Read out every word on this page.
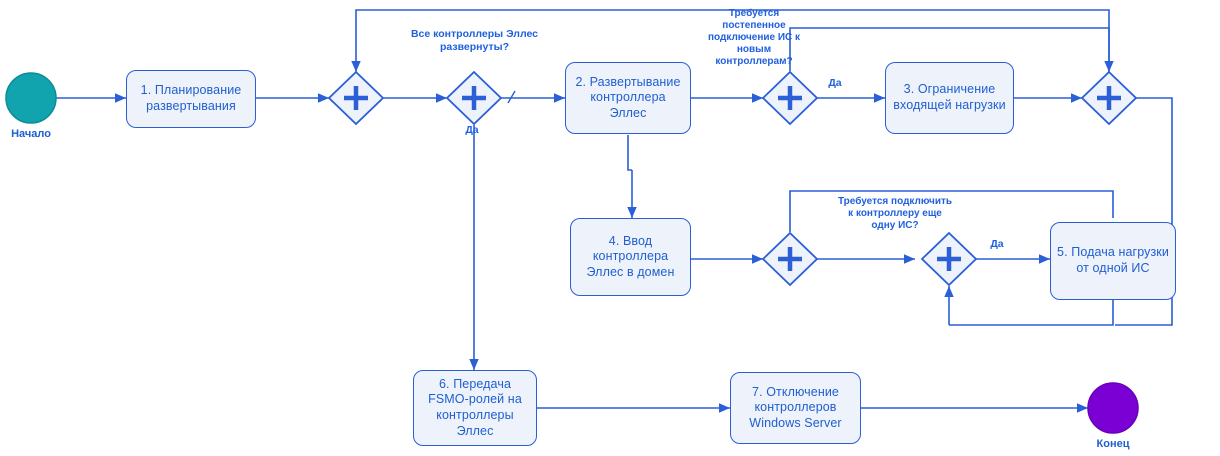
1. Планирование развертывания
2. Развертывание контроллера Эллес
3. Ограничение входящей нагрузки
4. Ввод контроллера Эллес в домен
5. Подача нагрузки от одной ИС
6. Передача FSMO-ролей на контроллеры Эллес
7. Отключение контроллеров Windows Server
Начало
Конец
Все контроллеры Эллес развернуты?
Требуется постепенное подключение ИС к новым контроллерам?
Требуется подключить к контроллеру еще одну ИС?
Да
Да
Да
